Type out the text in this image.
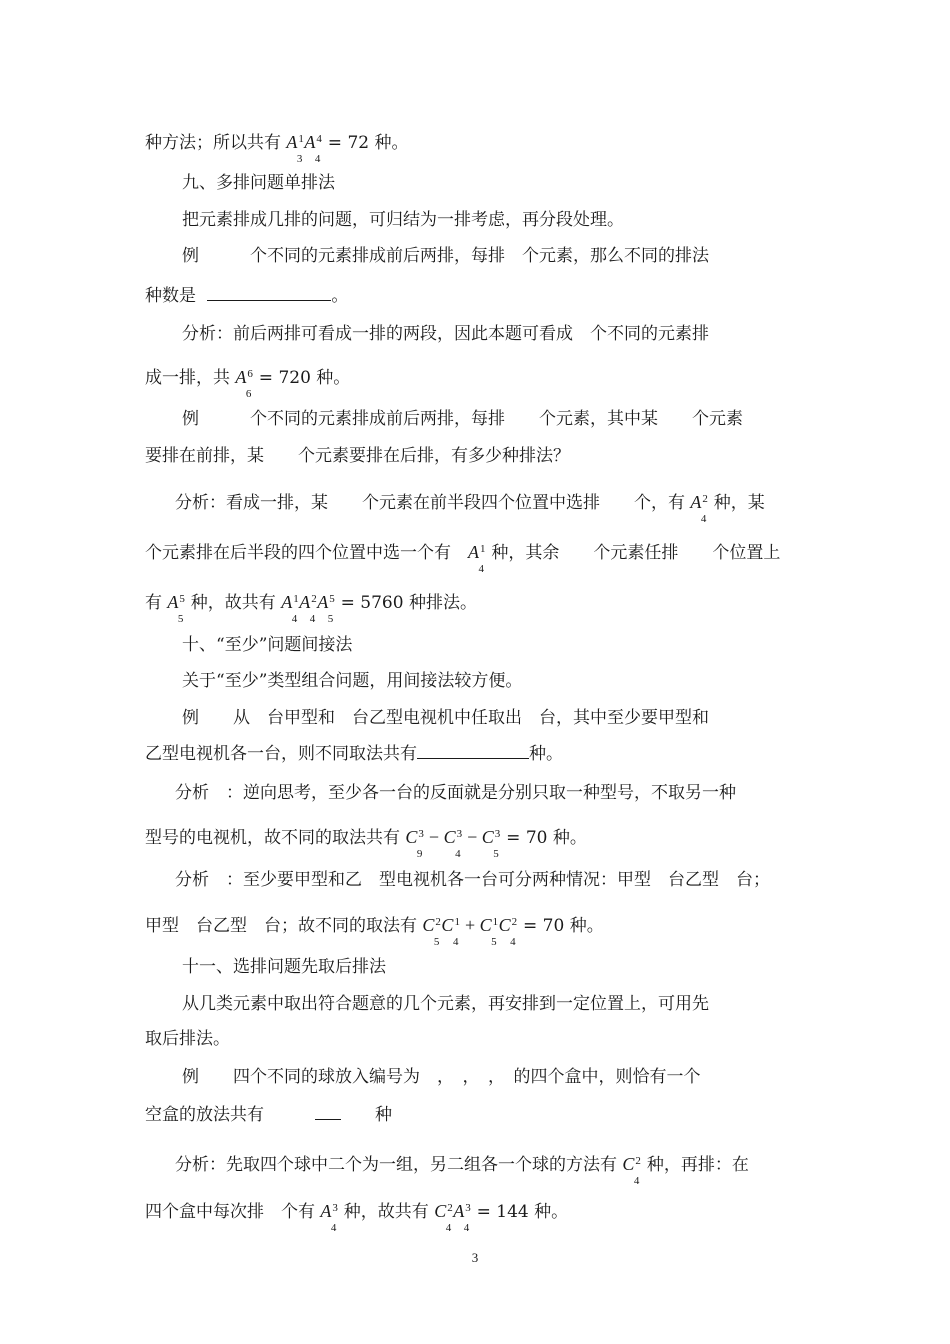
种方法；所以共有 $A^1_3A^4_4 = 72$ 种。
九、多排问题单排法
把元素排成几排的问题，可归结为一排考虑，再分段处理。
例　　　个不同的元素排成前后两排，每排　个元素，那么不同的排法
种数是	。
分析：前后两排可看成一排的两段，因此本题可看成　个不同的元素排
成一排，共 $A^6_6 = 720$ 种。
例　　　个不同的元素排成前后两排，每排　　个元素，其中某　　个元素
要排在前排，某　　个元素要排在后排，有多少种排法？
分析：看成一排，某　　个元素在前半段四个位置中选排　　个，有 $A^2_4$ 种，某
个元素排在后半段的四个位置中选一个有　$A^1_4$ 种，其余　　个元素任排　　个位置上
有 $A^5_5$ 种，故共有 $A^1_4A^2_4A^5_5 = 5760$ 种排法。
十、“至少”问题间接法
关于“至少”类型组合问题，用间接法较方便。
例　　从　台甲型和　台乙型电视机中任取出　台，其中至少要甲型和
乙型电视机各一台，则不同取法共有	种。
分析　：逆向思考，至少各一台的反面就是分别只取一种型号，不取另一种
型号的电视机，故不同的取法共有 $C^3_9 - C^3_4 - C^3_5 = 70$ 种。
分析　：至少要甲型和乙　型电视机各一台可分两种情况：甲型　台乙型　台；
甲型　台乙型　台；故不同的取法有 $C^2_5C^1_4 + C^1_5C^2_4 = 70$ 种。
十一、选排问题先取后排法
从几类元素中取出符合题意的几个元素，再安排到一定位置上，可用先
取后排法。
例　　四个不同的球放入编号为　，　，　，　的四个盒中，则恰有一个
空盒的放法共有　　　　　种
分析：先取四个球中二个为一组，另二组各一个球的方法有 $C^2_4$ 种，再排：在
四个盒中每次排　个有 $A^3_4$ 种，故共有 $C^2_4A^3_4 = 144$ 种。
3
